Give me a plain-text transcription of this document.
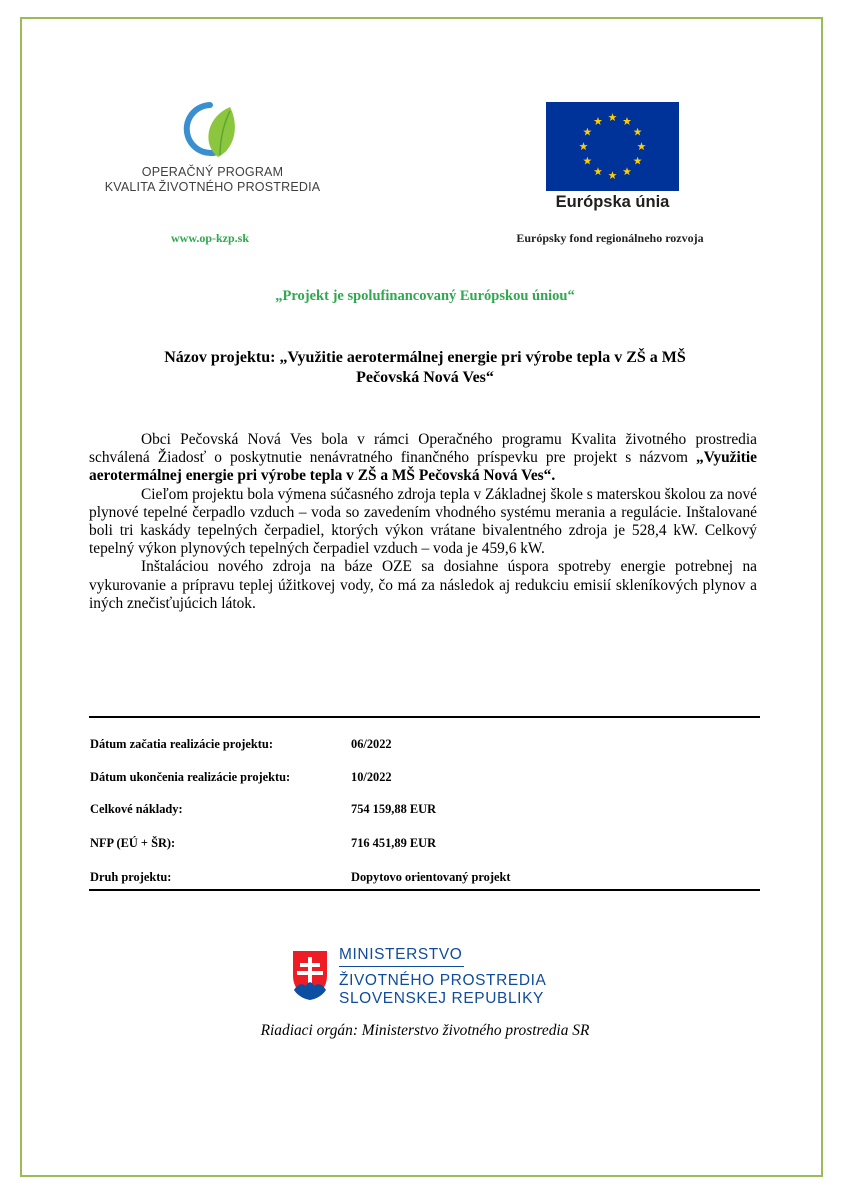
OPERAČNÝ PROGRAM
KVALITA ŽIVOTNÉHO PROSTREDIA
Európska únia
www.op-kzp.sk	Európsky fond regionálneho rozvoja
„Projekt je spolufinancovaný Európskou úniou“
Názov projektu: „Využitie aerotermálnej energie pri výrobe tepla v ZŠ a MŠ
Pečovská Nová Ves“

Obci Pečovská Nová Ves bola v rámci Operačného programu Kvalita životného prostredia schválená Žiadosť o poskytnutie nenávratného finančného príspevku pre projekt s názvom „Využitie aerotermálnej energie pri výrobe tepla v ZŠ a MŠ Pečovská Nová Ves“.

Cieľom projektu bola výmena súčasného zdroja tepla v Základnej škole s materskou školou za nové plynové tepelné čerpadlo vzduch – voda so zavedením vhodného systému merania a regulácie. Inštalované boli tri kaskády tepelných čerpadiel, ktorých výkon vrátane bivalentného zdroja je 528,4 kW. Celkový tepelný výkon plynových tepelných čerpadiel vzduch – voda je 459,6 kW.

Inštaláciou nového zdroja na báze OZE sa dosiahne úspora spotreby energie potrebnej na vykurovanie a prípravu teplej úžitkovej vody, čo má za následok aj redukciu emisií skleníkových plynov a iných znečisťujúcich látok.

Dátum začatia realizácie projektu:	06/2022
Dátum ukončenia realizácie projektu:	10/2022
Celkové náklady:	754 159,88 EUR
NFP (EÚ + ŠR):	716 451,89 EUR
Druh projektu:	Dopytovo orientovaný projekt
MINISTERSTVO
ŽIVOTNÉHO PROSTREDIA
SLOVENSKEJ REPUBLIKY
Riadiaci orgán: Ministerstvo životného prostredia SR
